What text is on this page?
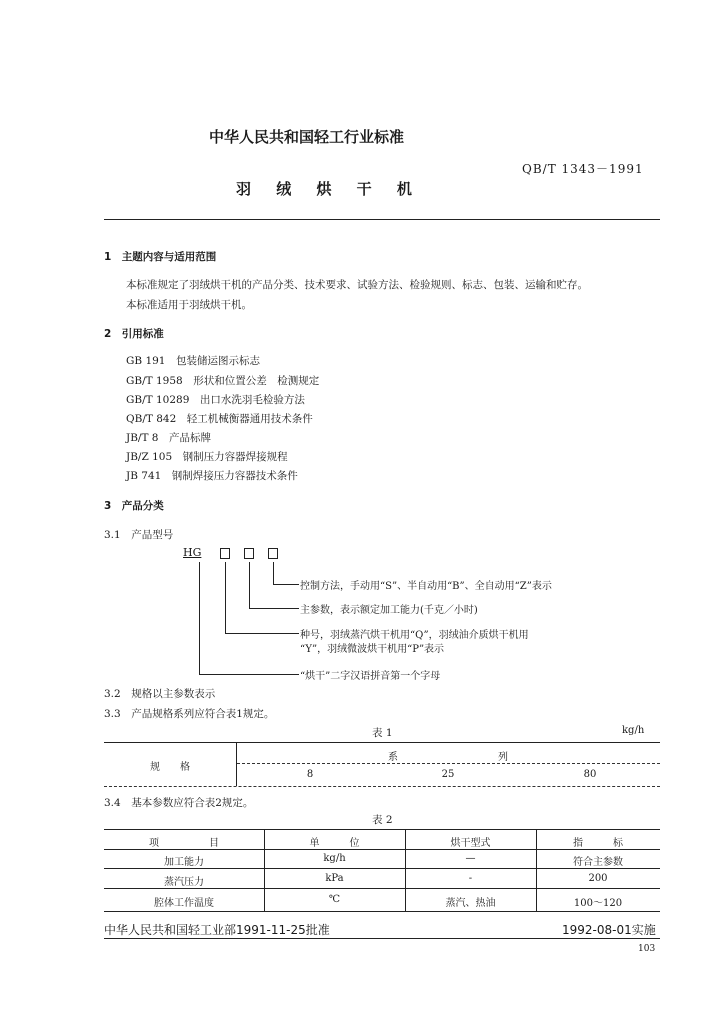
中华人民共和国轻工行业标准
QB/T 1343－1991
羽 绒 烘 干 机
1　主题内容与适用范围
本标准规定了羽绒烘干机的产品分类、技术要求、试验方法、检验规则、标志、包装、运输和贮存。
本标准适用于羽绒烘干机。
2　引用标准
GB 191　包装储运图示标志
GB/T 1958　形状和位置公差　检测规定
GB/T 10289　出口水洗羽毛检验方法
QB/T 842　轻工机械衡器通用技术条件
JB/T 8　产品标牌
JB/Z 105　钢制压力容器焊接规程
JB 741　钢制焊接压力容器技术条件
3　产品分类
3.1　产品型号
HG
控制方法，手动用“S”、半自动用“B”、全自动用“Z”表示
主参数，表示额定加工能力(千克／小时)
种号，羽绒蒸汽烘干机用“Q”，羽绒油介质烘干机用
“Y”，羽绒微波烘干机用“P”表示
“烘干”二字汉语拼音第一个字母
3.2　规格以主参数表示
3.3　产品规格系列应符合表1规定。
表 1	kg/h
规　　格
系　　　　　　　　　　列
8	25	80
3.4　基本参数应符合表2规定。
表 2
项　　　　　目	单　　　位	烘干型式	指　　　标
加工能力	kg/h	—	符合主参数
蒸汽压力	kPa	-	200
腔体工作温度	℃	蒸汽、热油	100～120
中华人民共和国轻工业部1991-11-25批准	1992-08-01实施
103
